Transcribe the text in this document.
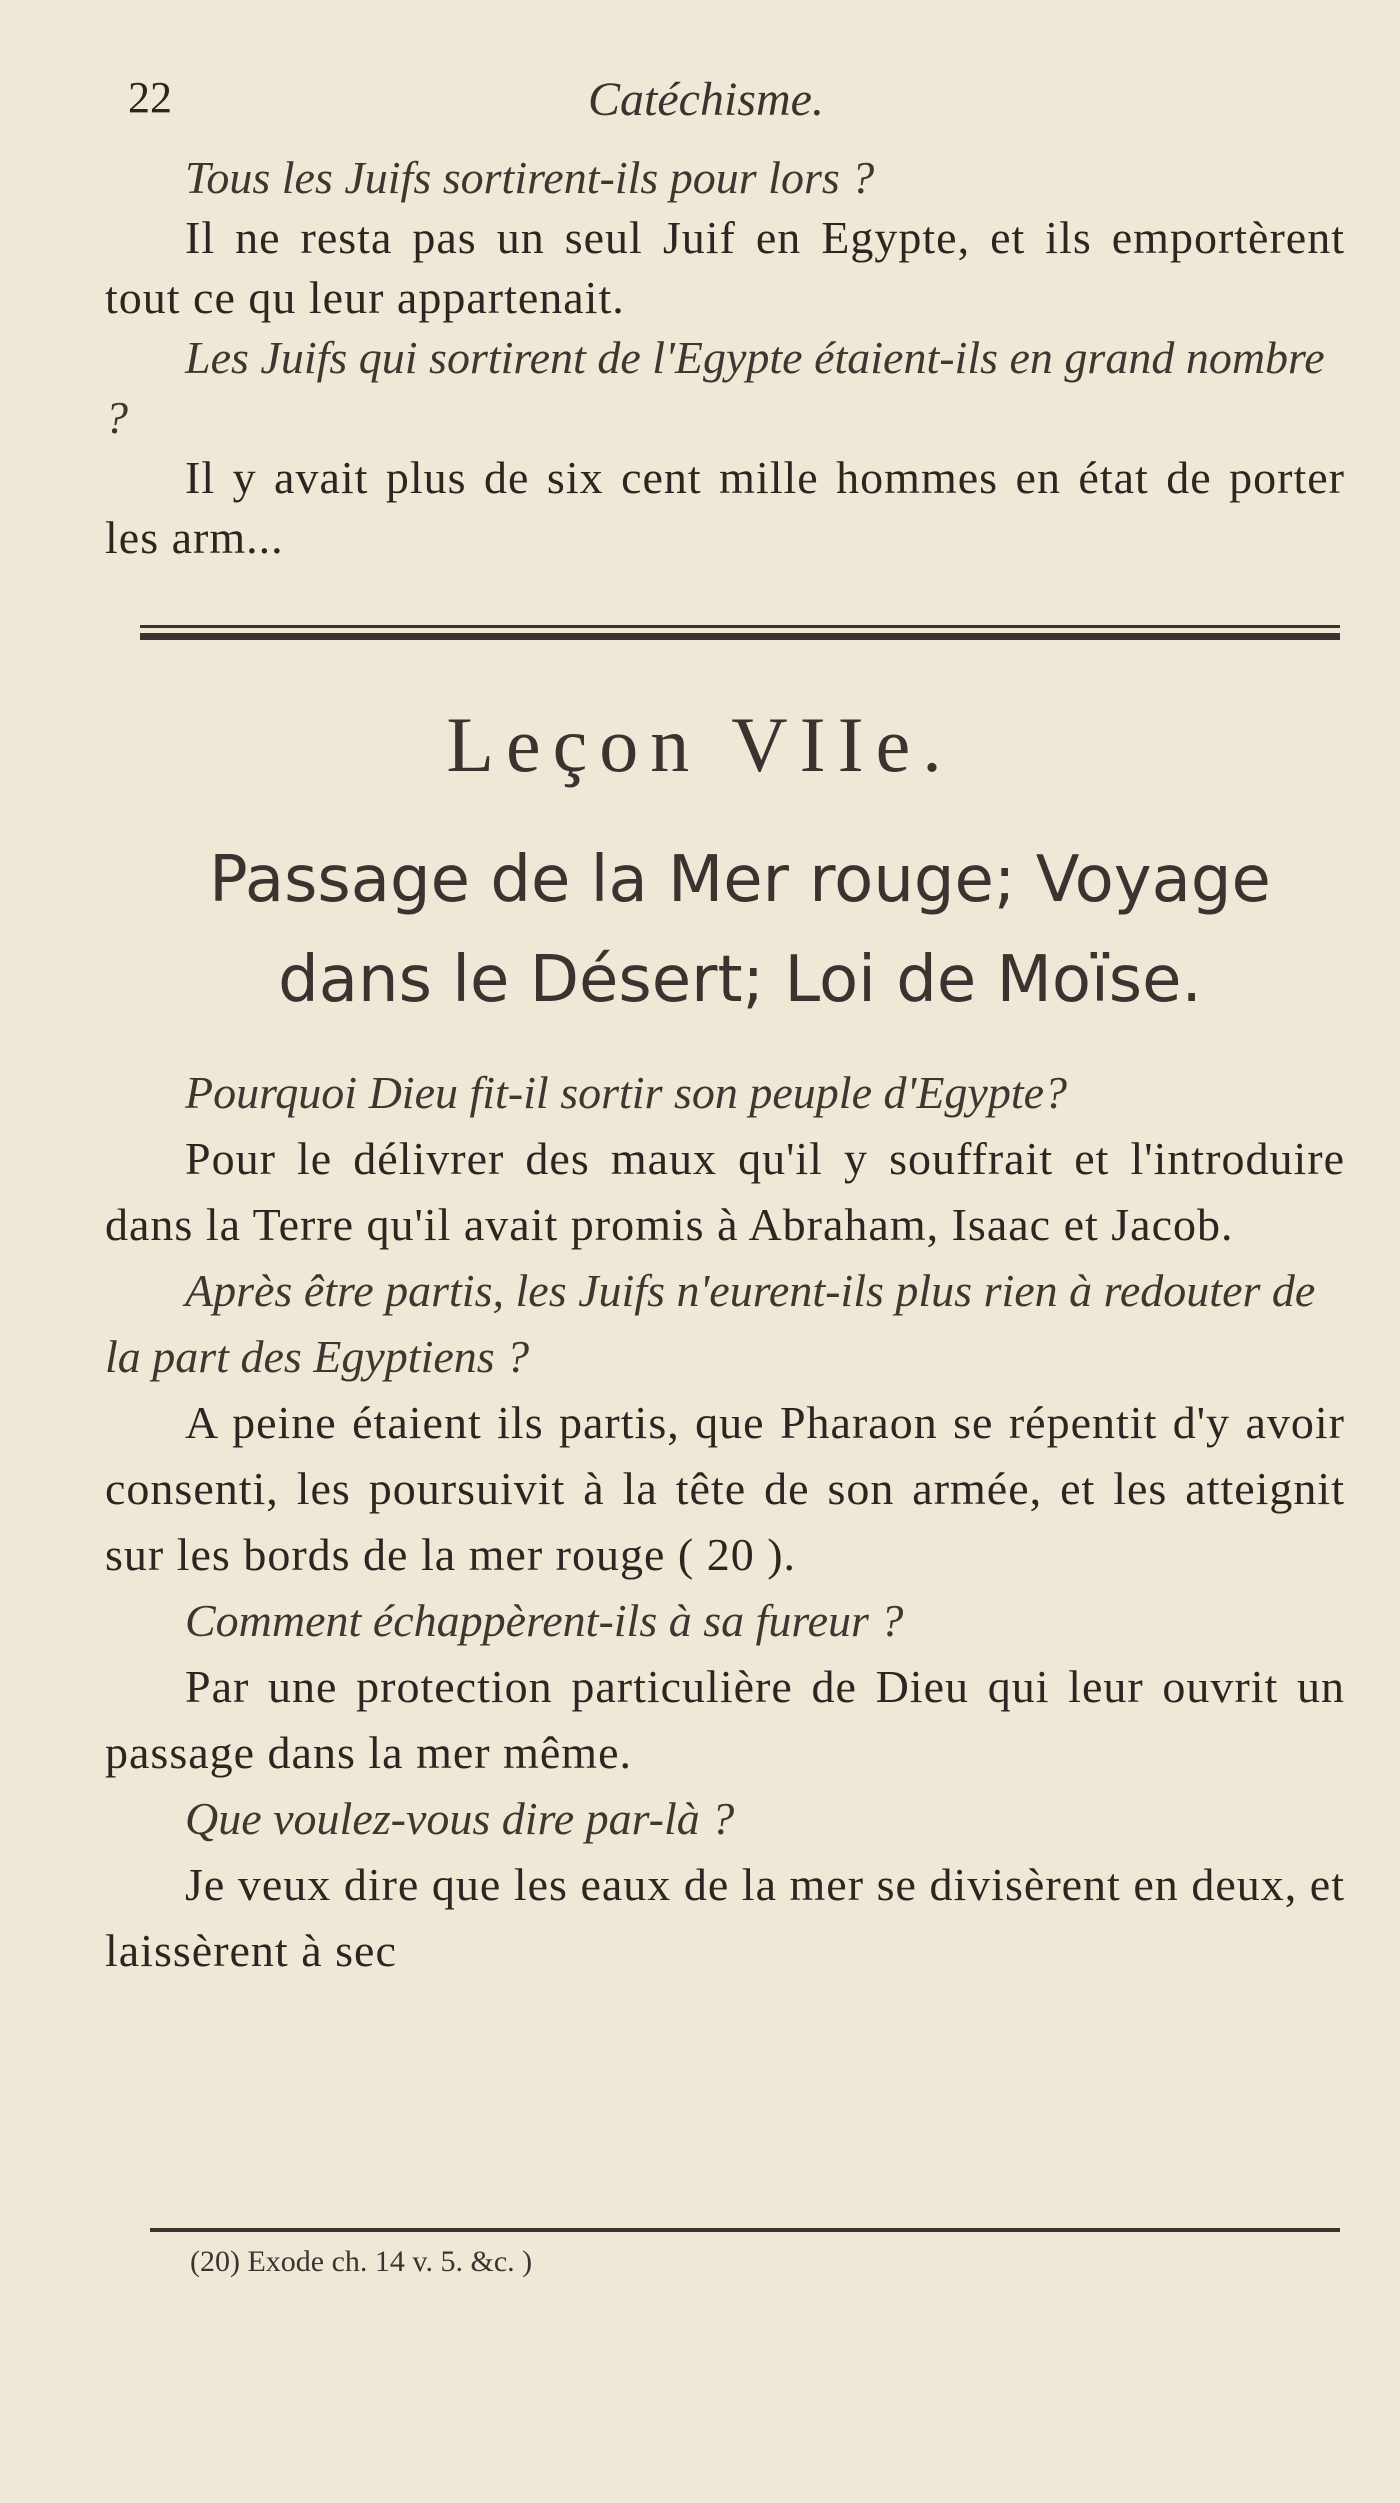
22	Catéchisme.

Tous les Juifs sortirent-ils pour lors ?

Il ne resta pas un seul Juif en Egypte, et ils emportèrent tout ce qu leur appartenait.

Les Juifs qui sortirent de l'Egypte étaient-ils en grand nombre ?

Il y avait plus de six cent mille hommes en état de porter les arm...

Leçon VIIe.
Passage de la Mer rouge; Voyage dans le Désert; Loi de Moïse.

Pourquoi Dieu fit-il sortir son peuple d'Egypte?

Pour le délivrer des maux qu'il y souffrait et l'introduire dans la Terre qu'il avait promis à Abraham, Isaac et Jacob.

Après être partis, les Juifs n'eurent-ils plus rien à redouter de la part des Egyptiens ?

A peine étaient ils partis, que Pharaon se répentit d'y avoir consenti, les poursuivit à la tête de son armée, et les atteignit sur les bords de la mer rouge ( 20 ).

Comment échappèrent-ils à sa fureur ?

Par une protection particulière de Dieu qui leur ouvrit un passage dans la mer même.

Que voulez-vous dire par-là ?

Je veux dire que les eaux de la mer se divisèrent en deux, et laissèrent à sec

(20) Exode ch. 14 v. 5. &c. )
